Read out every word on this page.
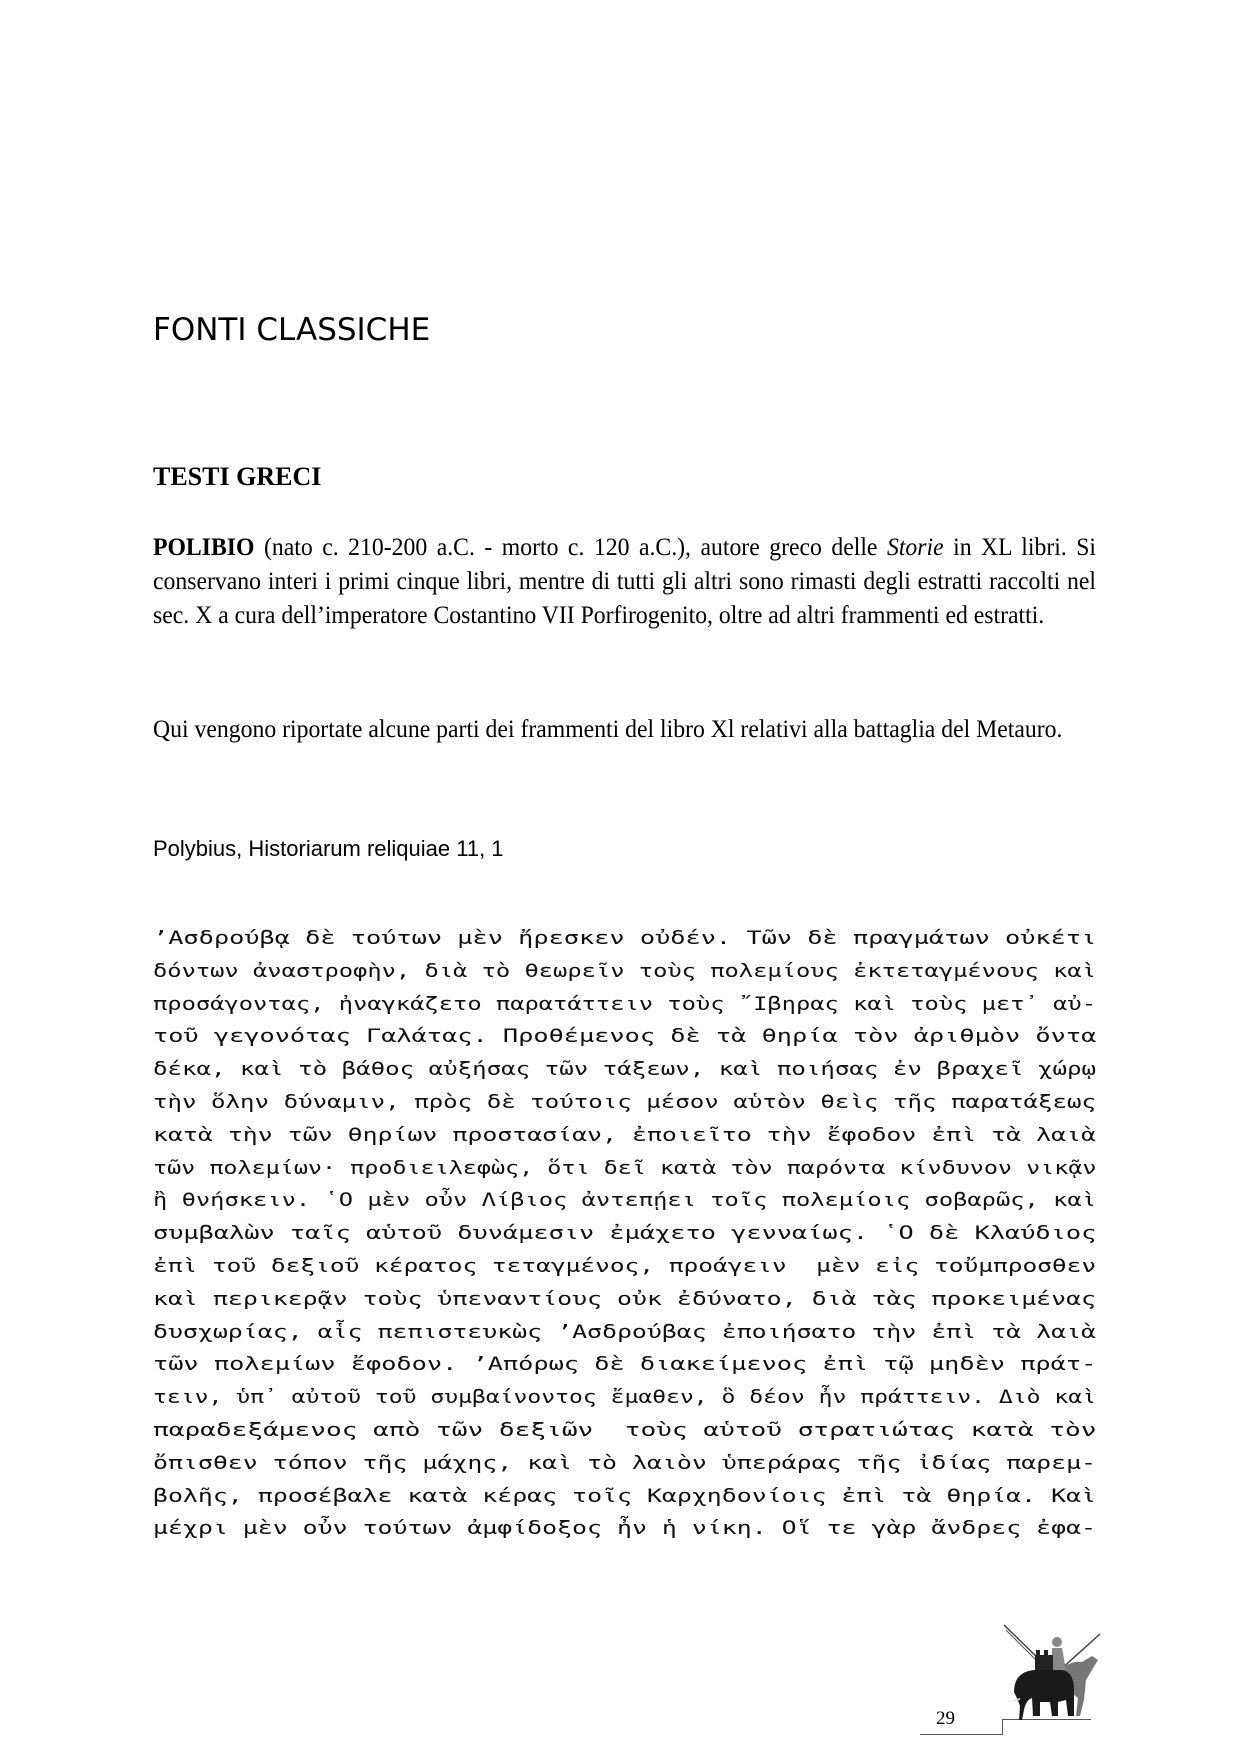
FONTI CLASSICHE
TESTI GRECI

POLIBIO (nato c. 210-200 a.C. - morto c. 120 a.C.), autore greco delle Storie in XL libri. Si conservano interi i primi cinque libri, mentre di tutti gli altri sono rimasti degli estratti raccolti nel sec. X a cura dell’imperatore Costantino VII Porfirogenito, oltre ad altri frammenti ed estratti.

Qui vengono riportate alcune parti dei frammenti del libro Xl relativi alla battaglia del Metauro.

Polybius, Historiarum reliquiae 11, 1

’Ασδρούβᾳ δὲ τούτων μὲν ἤρεσκεν οὐδέν. Τῶν δὲ πραγμάτων οὐκέτι
δόντων ἀναστροφὴν, διὰ τὸ θεωρεῖν τοὺς πολεμίους ἐκτεταγμένους καὶ
προσάγοντας, ἠναγκάζετο παρατάττειν τοὺς ῎Ιβηρας καὶ τοὺς μετ᾿ αὐ-
τοῦ γεγονότας Γαλάτας. Προθέμενος δὲ τὰ θηρία τὸν ἀριθμὸν ὄντα
δέκα, καὶ τὸ βάθος αὐξήσας τῶν τάξεων, καὶ ποιήσας ἐν βραχεῖ χώρῳ
τὴν ὅλην δύναμιν, πρὸς δὲ τούτοις μέσον αὑτὸν θεὶς τῆς παρατάξεως
κατὰ τὴν τῶν θηρίων προστασίαν, ἐποιεῖτο τὴν ἔφοδον ἐπὶ τὰ λαιὰ
τῶν πολεμίων· προδιειλεφὼς, ὅτι δεῖ κατὰ τὸν παρόντα κίνδυνον νικᾷν
ἢ θνήσκειν. ῾Ο μὲν οὖν Λίβιος ἀντεπῄει τοῖς πολεμίοις σοβαρῶς, καὶ
συμβαλὼν ταῖς αὑτοῦ δυνάμεσιν ἐμάχετο γενναίως. ῾Ο δὲ Κλαύδιος
ἐπὶ τοῦ δεξιοῦ κέρατος τεταγμένος, προάγειν  μὲν εἰς τοὔμπροσθεν
καὶ περικερᾷν τοὺς ὑπεναντίους οὐκ ἐδύνατο, διὰ τὰς προκειμένας
δυσχωρίας, αἷς πεπιστευκὼς ’Ασδρούβας ἐποιήσατο τὴν ἐπὶ τὰ λαιὰ
τῶν πολεμίων ἔφοδον. ’Απόρως δὲ διακείμενος ἐπὶ τῷ μηδὲν πράτ-
τειν, ὑπ᾿ αὐτοῦ τοῦ συμβαίνοντος ἔμαθεν, ὃ δέον ἦν πράττειν. Διὸ καὶ
παραδεξάμενος απὸ τῶν δεξιῶν  τοὺς αὑτοῦ στρατιώτας κατὰ τὸν
ὄπισθεν τόπον τῆς μάχης, καὶ τὸ λαιὸν ὑπεράρας τῆς ἰδίας παρεμ-
βολῆς, προσέβαλε κατὰ κέρας τοῖς Καρχηδονίοις ἐπὶ τὰ θηρία. Καὶ
μέχρι μὲν οὖν τούτων ἀμφίδοξος ἦν ἡ νίκη. Οἵ τε γὰρ ἄνδρες ἐφα-
29
